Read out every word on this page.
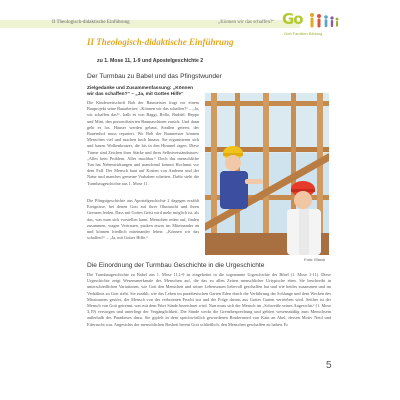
II Theologisch-didaktische Einführung	„Können wir das schaffen?“ Go
Gott Familien Bildung
II Theologisch-didaktische Einführung
zu 1. Mose 11, 1-9 und Apostelgeschichte 2
Der Turmbau zu Babel und das Pfingstwunder
Zielgedanke und Zusammenfassung: „Können wir das schaffen?“ – „Ja, mit Gottes Hilfe“
Die Kinderzeitschrift Bob der Baumeister fragt vor einem Bauprojekt seine Bauarbeiter: „Können wir das schaffen?“ – „Ja, wir schaffen das!“, hallt es von Baggi, Rollo, Buddel, Heppo und Mini, den personifizierten Baumaschinen zurück. Und dann geht es los. Häuser werden gebaut, Straßen geteert, der Bauernhof muss repariert. Wo Bob der Baumeister können Menschen viel und machen hoch hinaus. Sie organisieren sich und bauen Wolkenkratzer, die bis in den Himmel ragen. Diese Türme sind Zeichen ihrer Stärke und ihres Selbstverständnisses: „Alles kein Problem. Alles machbar.“ Doch das menschliche Tun hat Nebenwirkungen und manchmal kommt Hochmut vor dem Fall. Der Mensch baut auf Kosten von Anderen und der Natur und manches gemeine Vorhaben scheitert. Dafür steht die Turmbaugeschichte aus 1. Mose 11.
Die Pfingstgeschichte aus Apostelgeschichte 2 dagegen erzählt Ereignisse, bei denen Gott auf ihrer Ohnmacht und ihren Grenzen leiden. Dass mit Gottes Geist wird mehr möglich ist, als das, was man sich vorstellen kann. Menschen reden auf, finden zusammen, wagen Vertrauen, packen etwas im Miteinander an und können friedlich miteinander leben: „Können wir das schaffen?“ – „Ja, mit Gottes Hilfe.“
Foto: iStock
Die Einordnung der Turmbau Geschichte in die Urgeschichte
Die Turmbaugeschichte zu Babel aus 1. Mose 11,1-9 ist eingebettet in die sogenannte Urgeschichte der Bibel (1. Mose 1-11). Diese Urgeschichte zeigt Wesensmerkmale des Menschen auf, die das zu allen Zeiten menschlicher Urtypische eben. Sie beschreibt in unterschiedlichen Variationen, wie Gott den Menschen und seiner Lebensraum liebevoll geschaffen hat und wie beides zusammen und im Verhältnis zu Gott steht. Sie erzählt, wie das Leben im paradiesischen Garten Eden durch die Verführung der Schlange und dem Wecken des Misstrauens gestört, der Mensch von der verbotenen Frucht isst und die Folge daraus aus Gottes Garten vertrieben wird. Seither ist der Mensch von Gott getrennt, was mit dem Wort Sünde bezeichnet wird. Nun muss sich der Mensch im „Schweiße seines Angesichts“ (1. Mose 3,19) versorgen und unterliegt der Vergänglichkeit. Die Sünde weckt die Grenzbesprechung und gebiert wesensmäßig zum Menschsein außerhalb des Paradieses dazu. Sie gipfelt in dem sprichwörtlich gewordenen Brudermord von Kain an Abel, dessen Motiv Neid und Eifersucht war. Angesichts der menschlichen Bosheit bereut Gott schließlich, den Menschen geschaffen zu haben. Er
5
